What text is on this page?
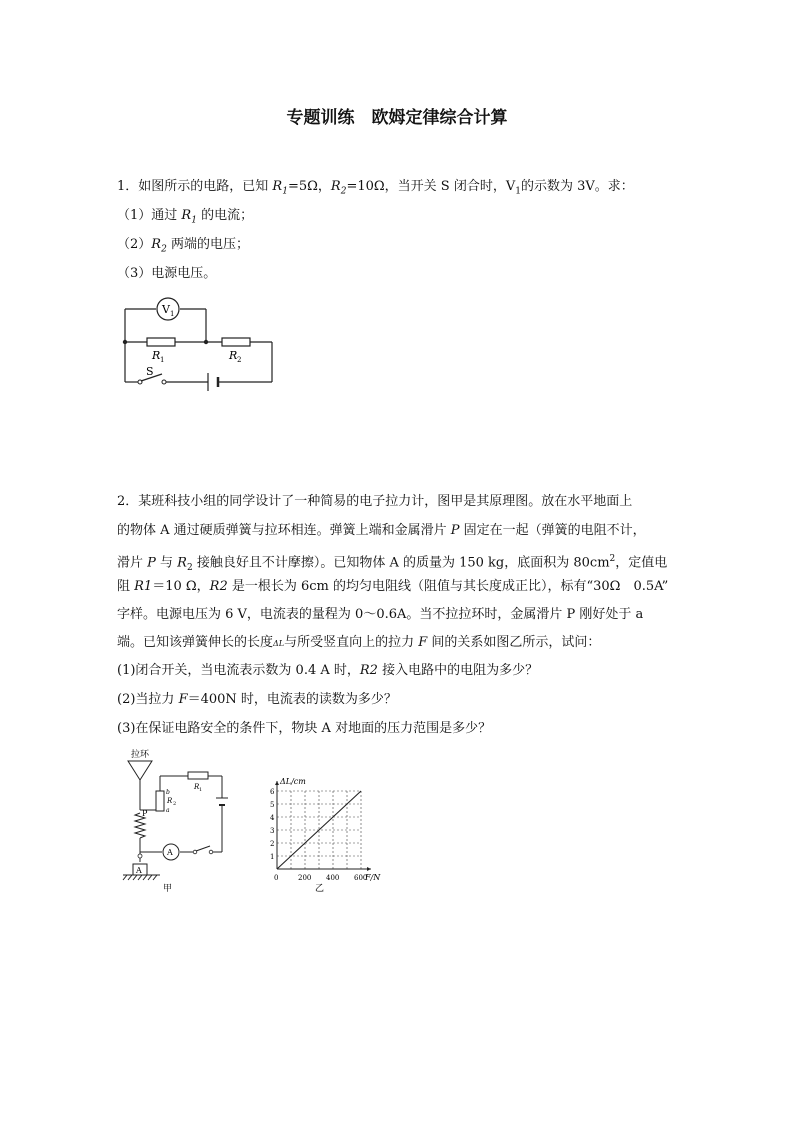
专题训练　欧姆定律综合计算
1．如图所示的电路，已知 $R_1=5\Omega$，$R_2=10\Omega$，当开关 S 闭合时，$V_1$的示数为 3V。求：
（1）通过 $R_1$ 的电流；
$(2)R_2$ 两端的电压；
（3）电源电压。
V 1
R 1	R 2
S
2．某班科技小组的同学设计了一种简易的电子拉力计，图甲是其原理图。放在水平地面上
的物体 A 通过硬质弹簧与拉环相连。弹簧上端和金属滑片 P 固定在一起（弹簧的电阻不计，
滑片 P 与 $R_2$ 接触良好且不计摩擦）。已知物体 A 的质量为 150 kg，底面积为 $80cm^2$，定值电
阻 R1＝10 Ω，R2 是一根长为 6cm 的均匀电阻线（阻值与其长度成正比），标有“30Ω　0.5A”
字样。电源电压为 6 V，电流表的量程为 0～0.6A。当不拉拉环时，金属滑片 P 刚好处于 a
端。已知该弹簧伸长的长度ΔL与所受竖直向上的拉力 F 间的关系如图乙所示，试问：
(1)闭合开关，当电流表示数为 0.4 A 时，R2 接入电路中的电阻为多少？
(2)当拉力 F＝400N 时，电流表的读数为多少？
(3)在保证电路安全的条件下，物块 A 对地面的压力范围是多少？
拉环
b
R 2
a
P
R 1
A
A
甲
1
2
3
4
5
6
0	200 400 600
ΔL/cm
F/N
乙
